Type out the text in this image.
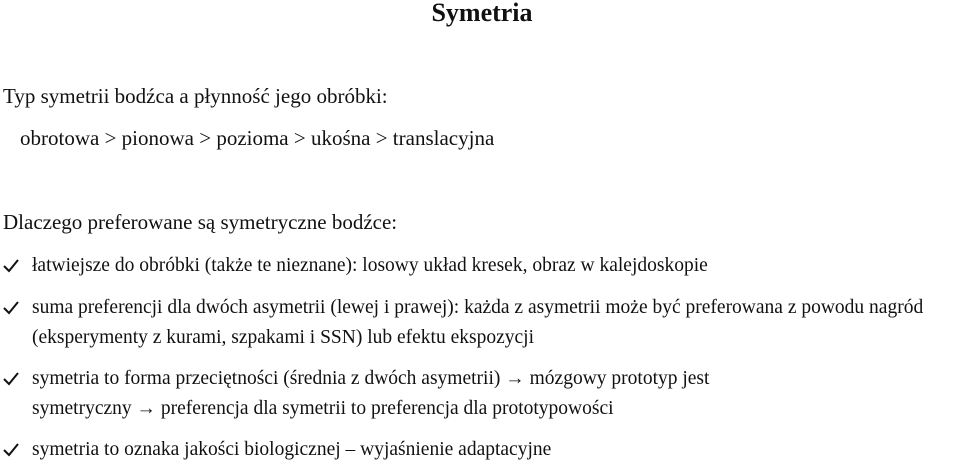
Symetria

Typ symetrii bodźca a płynność jego obróbki:

obrotowa > pionowa > pozioma > ukośna > translacyjna

Dlaczego preferowane są symetryczne bodźce:

łatwiejsze do obróbki (także te nieznane): losowy układ kresek, obraz w kalejdoskopie
suma preferencji dla dwóch asymetrii (lewej i prawej): każda z asymetrii może być preferowana z powodu nagród (eksperymenty z kurami, szpakami i SSN) lub efektu ekspozycji
symetria to forma przeciętności (średnia z dwóch asymetrii) → mózgowy prototyp jest
symetryczny → preferencja dla symetrii to preferencja dla prototypowości
symetria to oznaka jakości biologicznej – wyjaśnienie adaptacyjne
